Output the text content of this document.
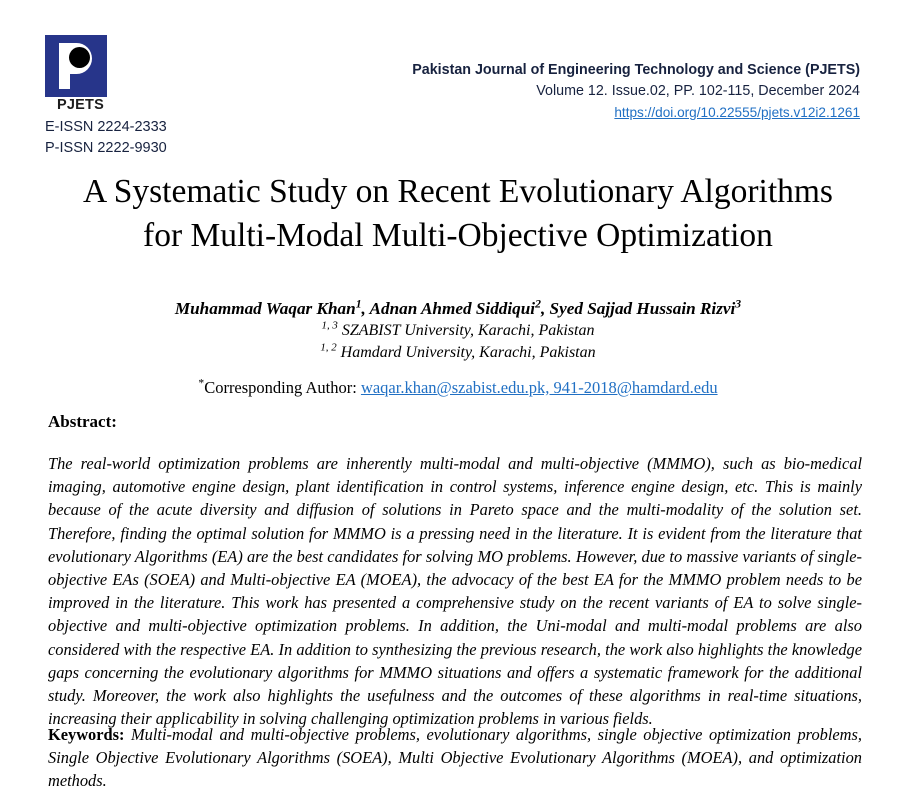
PJETS
E-ISSN 2224-2333
P-ISSN 2222-9930
Pakistan Journal of Engineering Technology and Science (PJETS)
Volume 12. Issue.02, PP. 102-115, December 2024
https://doi.org/10.22555/pjets.v12i2.1261
A Systematic Study on Recent Evolutionary Algorithms for Multi-Modal Multi-Objective Optimization
Muhammad Waqar Khan$^1$, Adnan Ahmed Siddiqui$^2$, Syed Sajjad Hussain Rizvi$^3$
$^{1, 3}$ SZABIST University, Karachi, Pakistan
$^{1, 2}$ Hamdard University, Karachi, Pakistan
*Corresponding Author: waqar.khan@szabist.edu.pk, 941-2018@hamdard.edu
Abstract:
The real-world optimization problems are inherently multi-modal and multi-objective (MMMO), such as bio-medical imaging, automotive engine design, plant identification in control systems, inference engine design, etc. This is mainly because of the acute diversity and diffusion of solutions in Pareto space and the multi-modality of the solution set. Therefore, finding the optimal solution for MMMO is a pressing need in the literature. It is evident from the literature that evolutionary Algorithms (EA) are the best candidates for solving MO problems. However, due to massive variants of single-objective EAs (SOEA) and Multi-objective EA (MOEA), the advocacy of the best EA for the MMMO problem needs to be improved in the literature. This work has presented a comprehensive study on the recent variants of EA to solve single-objective and multi-objective optimization problems. In addition, the Uni-modal and multi-modal problems are also considered with the respective EA. In addition to synthesizing the previous research, the work also highlights the knowledge gaps concerning the evolutionary algorithms for MMMO situations and offers a systematic framework for the additional study. Moreover, the work also highlights the usefulness and the outcomes of these algorithms in real-time situations, increasing their applicability in solving challenging optimization problems in various fields.
Keywords: Multi-modal and multi-objective problems, evolutionary algorithms, single objective optimization problems, Single Objective Evolutionary Algorithms (SOEA), Multi Objective Evolutionary Algorithms (MOEA), and optimization methods.
